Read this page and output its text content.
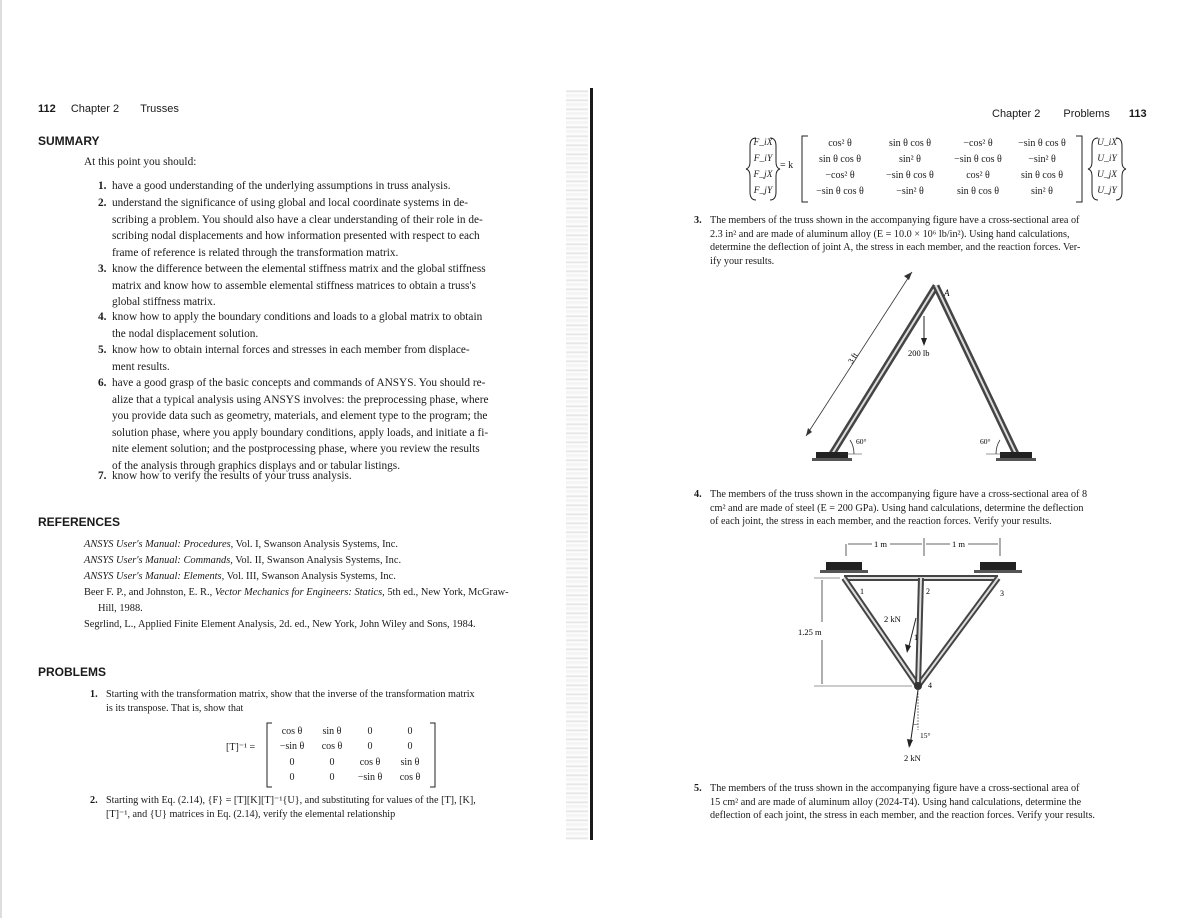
112 Chapter 2 Trusses
SUMMARY
At this point you should:
1. have a good understanding of the underlying assumptions in truss analysis.
2. understand the significance of using global and local coordinate systems in de-
scribing a problem. You should also have a clear understanding of their role in de-
scribing nodal displacements and how information presented with respect to each
frame of reference is related through the transformation matrix.
3. know the difference between the elemental stiffness matrix and the global stiffness
matrix and know how to assemble elemental stiffness matrices to obtain a truss's
global stiffness matrix.
4. know how to apply the boundary conditions and loads to a global matrix to obtain
the nodal displacement solution.
5. know how to obtain internal forces and stresses in each member from displace-
ment results.
6. have a good grasp of the basic concepts and commands of ANSYS. You should re-
alize that a typical analysis using ANSYS involves: the preprocessing phase, where
you provide data such as geometry, materials, and element type to the program; the
solution phase, where you apply boundary conditions, apply loads, and initiate a fi-
nite element solution; and the postprocessing phase, where you review the results
of the analysis through graphics displays and or tabular listings.
7. know how to verify the results of your truss analysis.
REFERENCES
ANSYS User's Manual: Procedures, Vol. I, Swanson Analysis Systems, Inc.
ANSYS User's Manual: Commands, Vol. II, Swanson Analysis Systems, Inc.
ANSYS User's Manual: Elements, Vol. III, Swanson Analysis Systems, Inc.
Beer F. P., and Johnston, E. R., Vector Mechanics for Engineers: Statics, 5th ed., New York, McGraw-
Hill, 1988.
Segrlind, L., Applied Finite Element Analysis, 2d. ed., New York, John Wiley and Sons, 1984.
PROBLEMS
1. Starting with the transformation matrix, show that the inverse of the transformation matrix
is its transpose. That is, show that
[T]⁻¹ =
cos θ	sin θ	0	0
−sin θ	cos θ	0	0
0	0	cos θ	sin θ
0	0	−sin θ	cos θ
2. Starting with Eq. (2.14), {F} = [T][K][T]⁻¹{U}, and substituting for values of the [T], [K],
[T]⁻¹, and {U} matrices in Eq. (2.14), verify the elemental relationship
Chapter 2 Problems 113
F_iX
F_iY
F_jX
F_jY
= k
cos² θ	sin θ cos θ	−cos² θ	−sin θ cos θ
sin θ cos θ	sin² θ	−sin θ cos θ	−sin² θ
−cos² θ	−sin θ cos θ	cos² θ	sin θ cos θ
−sin θ cos θ	−sin² θ	sin θ cos θ	sin² θ
U_iX
U_iY
U_jX
U_jY
3. The members of the truss shown in the accompanying figure have a cross-sectional area of
2.3 in² and are made of aluminum alloy (E = 10.0 × 10⁶ lb/in²). Using hand calculations,
determine the deflection of joint A, the stress in each member, and the reaction forces. Ver-
ify your results.
3 ft	200 lb
A
60°	60°
4. The members of the truss shown in the accompanying figure have a cross-sectional area of 8
cm² and are made of steel (E = 200 GPa). Using hand calculations, determine the deflection
of each joint, the stress in each member, and the reaction forces. Verify your results.
1 m	1 m
1	2	3
4
1
2 kN
1.25 m
15°
2 kN
5. The members of the truss shown in the accompanying figure have a cross-sectional area of
15 cm² and are made of aluminum alloy (2024-T4). Using hand calculations, determine the
deflection of each joint, the stress in each member, and the reaction forces. Verify your results.
